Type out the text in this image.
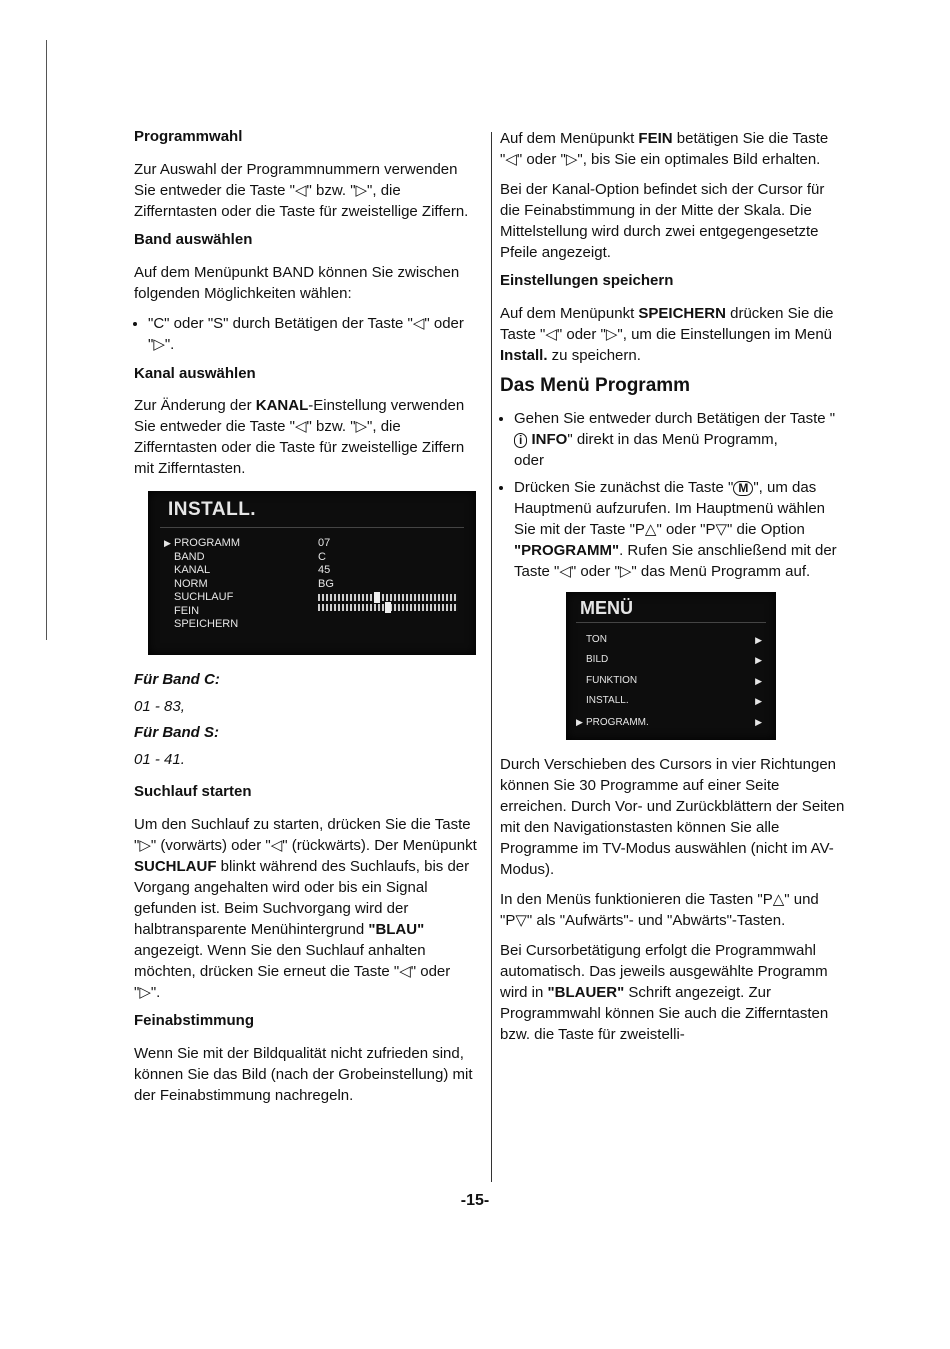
Programmwahl

Zur Auswahl der Programmnummern verwenden Sie entweder die Taste "◁" bzw. "▷", die Zifferntasten oder die Taste für zweistellige Ziffern.

Band auswählen

Auf dem Menüpunkt BAND können Sie zwischen folgenden Möglichkeiten wählen:

• "C" oder "S" durch Betätigen der Taste "◁" oder "▷".
Kanal auswählen

Zur Änderung der KANAL-Einstellung verwenden Sie entweder die Taste "◁" bzw. "▷", die Zifferntasten oder die Taste für zweistellige Ziffern mit Zifferntasten.

INSTALL.
▶ PROGRAMM
BAND
KANAL
NORM
SUCHLAUF
FEIN
SPEICHERN
07
C
45
BG
Für Band C:
01 - 83,
Für Band S:
01 - 41.
Suchlauf starten

Um den Suchlauf zu starten, drücken Sie die Taste "▷" (vorwärts) oder "◁" (rückwärts). Der Menüpunkt SUCHLAUF blinkt während des Suchlaufs, bis der Vorgang angehalten wird oder bis ein Signal gefunden ist. Beim Suchvorgang wird der halbtransparente Menühintergrund "BLAU" angezeigt. Wenn Sie den Suchlauf anhalten möchten, drücken Sie erneut die Taste "◁" oder "▷".

Feinabstimmung

Wenn Sie mit der Bildqualität nicht zufrieden sind, können Sie das Bild (nach der Grobeinstellung) mit der Feinabstimmung nachregeln.

Auf dem Menüpunkt FEIN betätigen Sie die Taste "◁" oder "▷", bis Sie ein optimales Bild erhalten.

Bei der Kanal-Option befindet sich der Cursor für die Feinabstimmung in der Mitte der Skala. Die Mittelstellung wird durch zwei entgegengesetzte Pfeile angezeigt.

Einstellungen speichern

Auf dem Menüpunkt SPEICHERN drücken Sie die Taste "◁" oder "▷", um die Einstellungen im Menü Install. zu speichern.

Das Menü Programm
• Gehen Sie entweder durch Betätigen der Taste "i INFO" direkt in das Menü Programm,
oder
• Drücken Sie zunächst die Taste " M ", um das Hauptmenü aufzurufen. Im Hauptmenü wählen Sie mit der Taste "P△" oder "P▽" die Option "PROGRAMM". Rufen Sie anschließend mit der Taste "◁" oder "▷" das Menü Programm auf.
MENÜ
TON
BILD
FUNKTION
INSTALL.
▶ PROGRAMM.
▶
▶
▶
▶
▶

Durch Verschieben des Cursors in vier Richtungen können Sie 30 Programme auf einer Seite erreichen. Durch Vor- und Zurückblättern der Seiten mit den Navigationstasten können Sie alle Programme im TV-Modus auswählen (nicht im AV-Modus).

In den Menüs funktionieren die Tasten "P△" und "P▽" als "Aufwärts"- und "Abwärts"-Tasten.

Bei Cursorbetätigung erfolgt die Programmwahl automatisch. Das jeweils ausgewählte Programm wird in "BLAUER" Schrift angezeigt. Zur Programmwahl können Sie auch die Zifferntasten bzw. die Taste für zweistelli-

-15-
